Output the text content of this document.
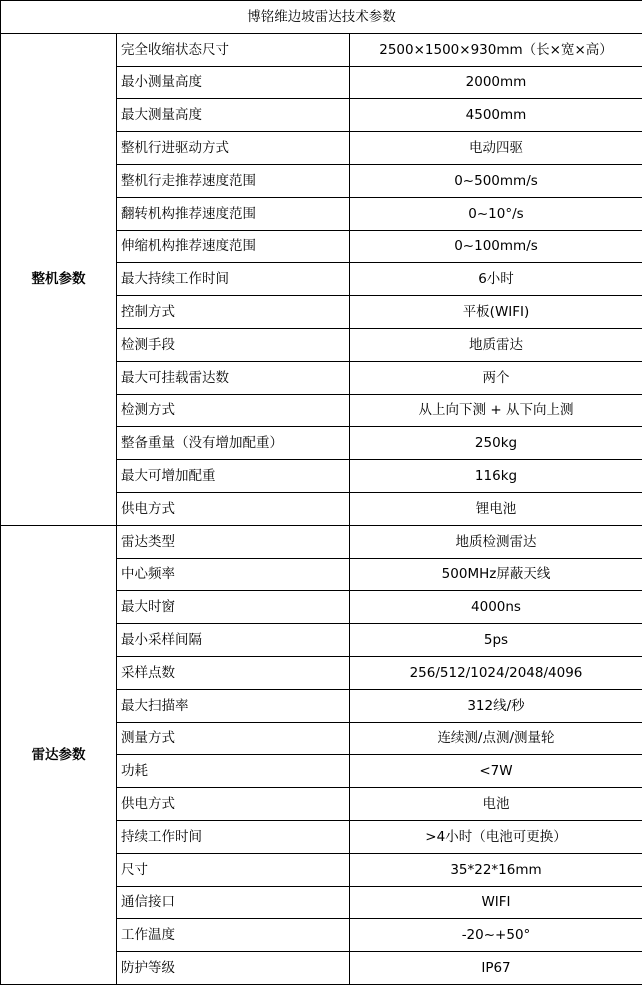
博铭维边坡雷达技术参数		
整机参数	完全收缩状态尺寸	2500×1500×930mm（长×宽×高）
	最小测量高度	2000mm
	最大测量高度	4500mm
	整机行进驱动方式	电动四驱
	整机行走推荐速度范围	0~500mm/s
	翻转机构推荐速度范围	0~10°/s
	伸缩机构推荐速度范围	0~100mm/s
	最大持续工作时间	6小时
	控制方式	平板(WIFI)
	检测手段	地质雷达
	最大可挂载雷达数	两个
	检测方式	从上向下测 + 从下向上测
	整备重量（没有增加配重）	250kg
	最大可增加配重	116kg
	供电方式	锂电池
雷达参数	雷达类型	地质检测雷达
	中心频率	500MHz屏蔽天线
	最大时窗	4000ns
	最小采样间隔	5ps
	采样点数	256/512/1024/2048/4096
	最大扫描率	312线/秒
	测量方式	连续测/点测/测量轮
	功耗	<7W
	供电方式	电池
	持续工作时间	>4小时（电池可更换）
	尺寸	35*22*16mm
	通信接口	WIFI
	工作温度	-20~+50°
	防护等级	IP67
